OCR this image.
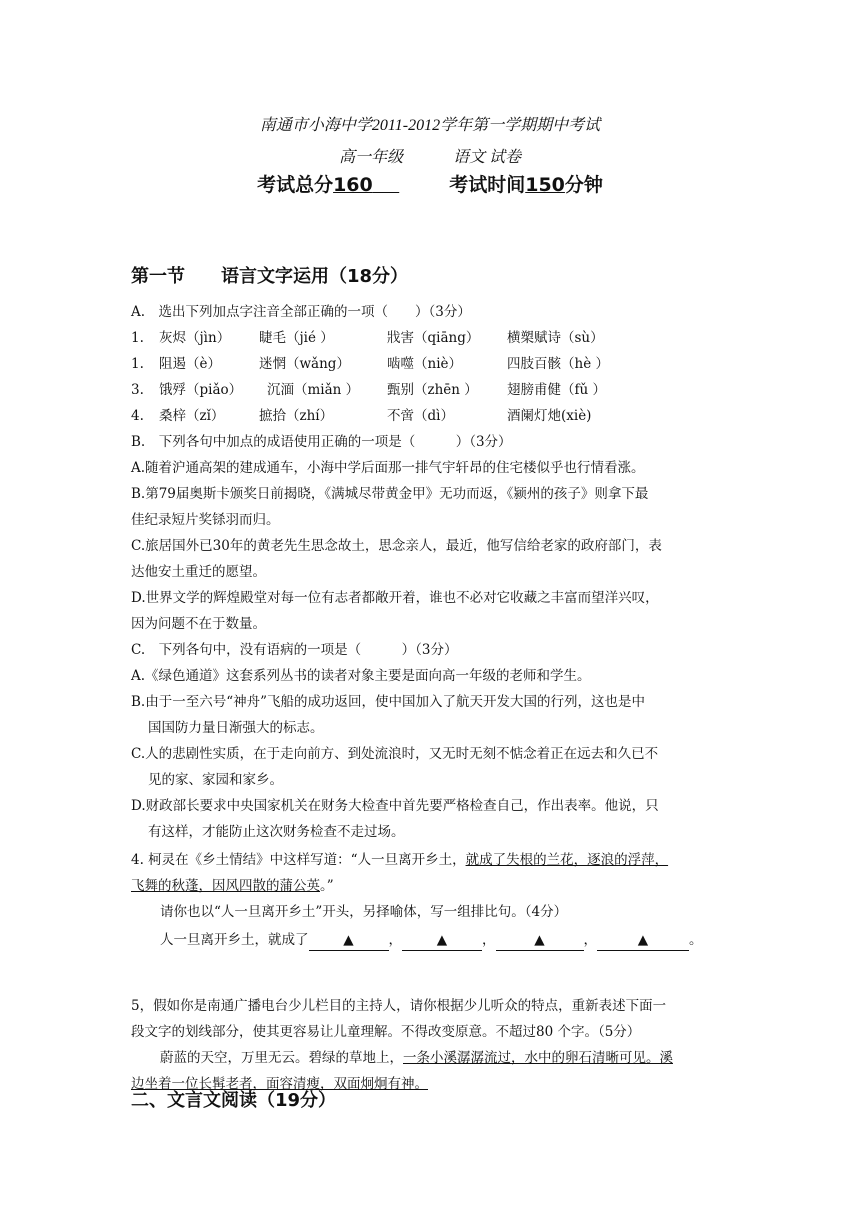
南通市小海中学2011-2012学年第一学期期中考试
高一年级	语文 试卷
考试总分160	考试时间150分钟
第一节　　语言文字运用（18分）
A.　选出下列加点字注音全部正确的一项（　　）（3分）
1. 灰烬（jìn） 睫毛（jié ）	戕害（qiāng） 横槊赋诗（sù）
1. 阻遏（è）	迷惘（wǎng）	啮噬（niè）	四肢百骸（hè ）
3. 饿殍（piǎo） 沉湎（miǎn ） 甄别（zhēn ） 翅膀甫健（fǔ ）
4. 桑梓（zǐ）	摭拾（zhí）	不啻（dì）	酒阑灯灺(xiè)
B.　下列各句中加点的成语使用正确的一项是（　　　）（3分）
A.随着沪通高架的建成通车，小海中学后面那一排气宇轩昂的住宅楼似乎也行情看涨。
B.第79届奥斯卡颁奖日前揭晓，《满城尽带黄金甲》无功而返，《颍州的孩子》则拿下最
佳纪录短片奖铩羽而归。
C.旅居国外已30年的黄老先生思念故土，思念亲人，最近，他写信给老家的政府部门，表
达他安土重迁的愿望。
D.世界文学的辉煌殿堂对每一位有志者都敞开着，谁也不必对它收藏之丰富而望洋兴叹，
因为问题不在于数量。
C.　下列各句中，没有语病的一项是（　　　）（3分）
A.《绿色通道》这套系列丛书的读者对象主要是面向高一年级的老师和学生。
B.由于一至六号“神舟”飞船的成功返回，使中国加入了航天开发大国的行列，这也是中
国国防力量日渐强大的标志。
C.人的悲剧性实质，在于走向前方、到处流浪时，又无时无刻不惦念着正在远去和久已不
见的家、家园和家乡。
D.财政部长要求中央国家机关在财务大检查中首先要严格检查自己，作出表率。他说，只
有这样，才能防止这次财务检查不走过场。
4. 柯灵在《乡土情结》中这样写道：“人一旦离开乡土，就成了失根的兰花，逐浪的浮萍，
飞舞的秋蓬，因风四散的蒲公英。”
请你也以“人一旦离开乡土”开头，另择喻体，写一组排比句。（4分）
人一旦离开乡土，就成了	▲	，	▲	，	▲	，	▲	。
5，假如你是南通广播电台少儿栏目的主持人，请你根据少儿听众的特点，重新表述下面一
段文字的划线部分，使其更容易让儿童理解。不得改变原意。不超过80 个字。（5分）
蔚蓝的天空，万里无云。碧绿的草地上，一条小溪潺潺流过，水中的卵石清晰可见。溪
边坐着一位长髯老者，面容清瘦，双面炯炯有神。
二、文言文阅读（19分）
